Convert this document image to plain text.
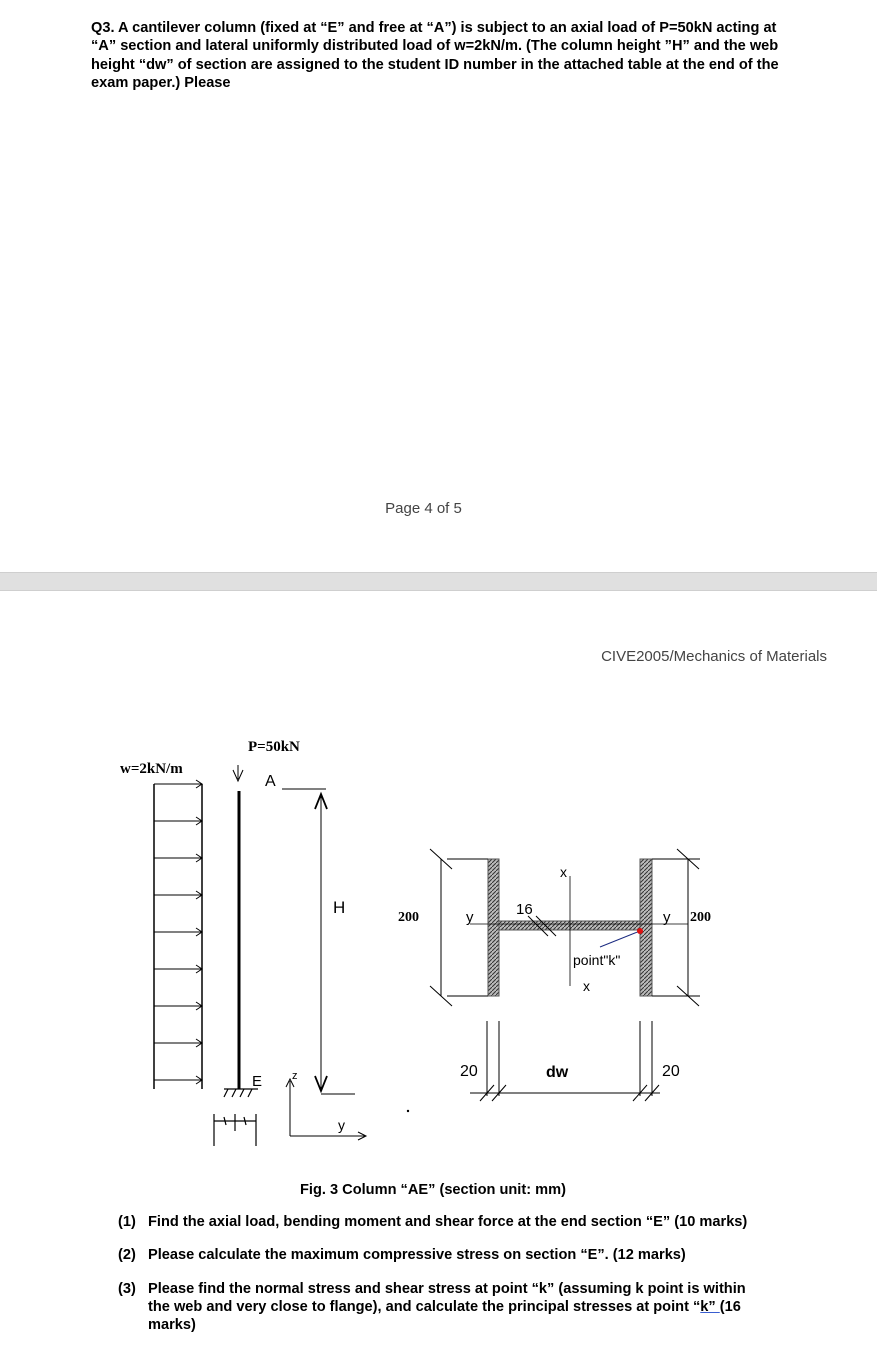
Q3. A cantilever column (fixed at “E” and free at “A”) is subject to an axial load of P=50kN acting at “A” section and lateral uniformly distributed load of w=2kN/m. (The column height ”H” and the web height “dw” of section are assigned to the student ID number in the attached table at the end of the exam paper.) Please

Page 4 of 5
CIVE2005/Mechanics of Materials
w=2kN/m
P=50kN
A
E
H
z
y
200	200
y	y
x
x
16
point"k"
20	20
dw
Fig. 3 Column “AE” (section unit: mm)
(1) Find the axial load, bending moment and shear force at the end section “E” (10 marks)
(2) Please calculate the maximum compressive stress on section “E”. (12 marks)
(3) Please find the normal stress and shear stress at point “k” (assuming k point is within the web and very close to flange), and calculate the principal stresses at point “k” (16 marks)
